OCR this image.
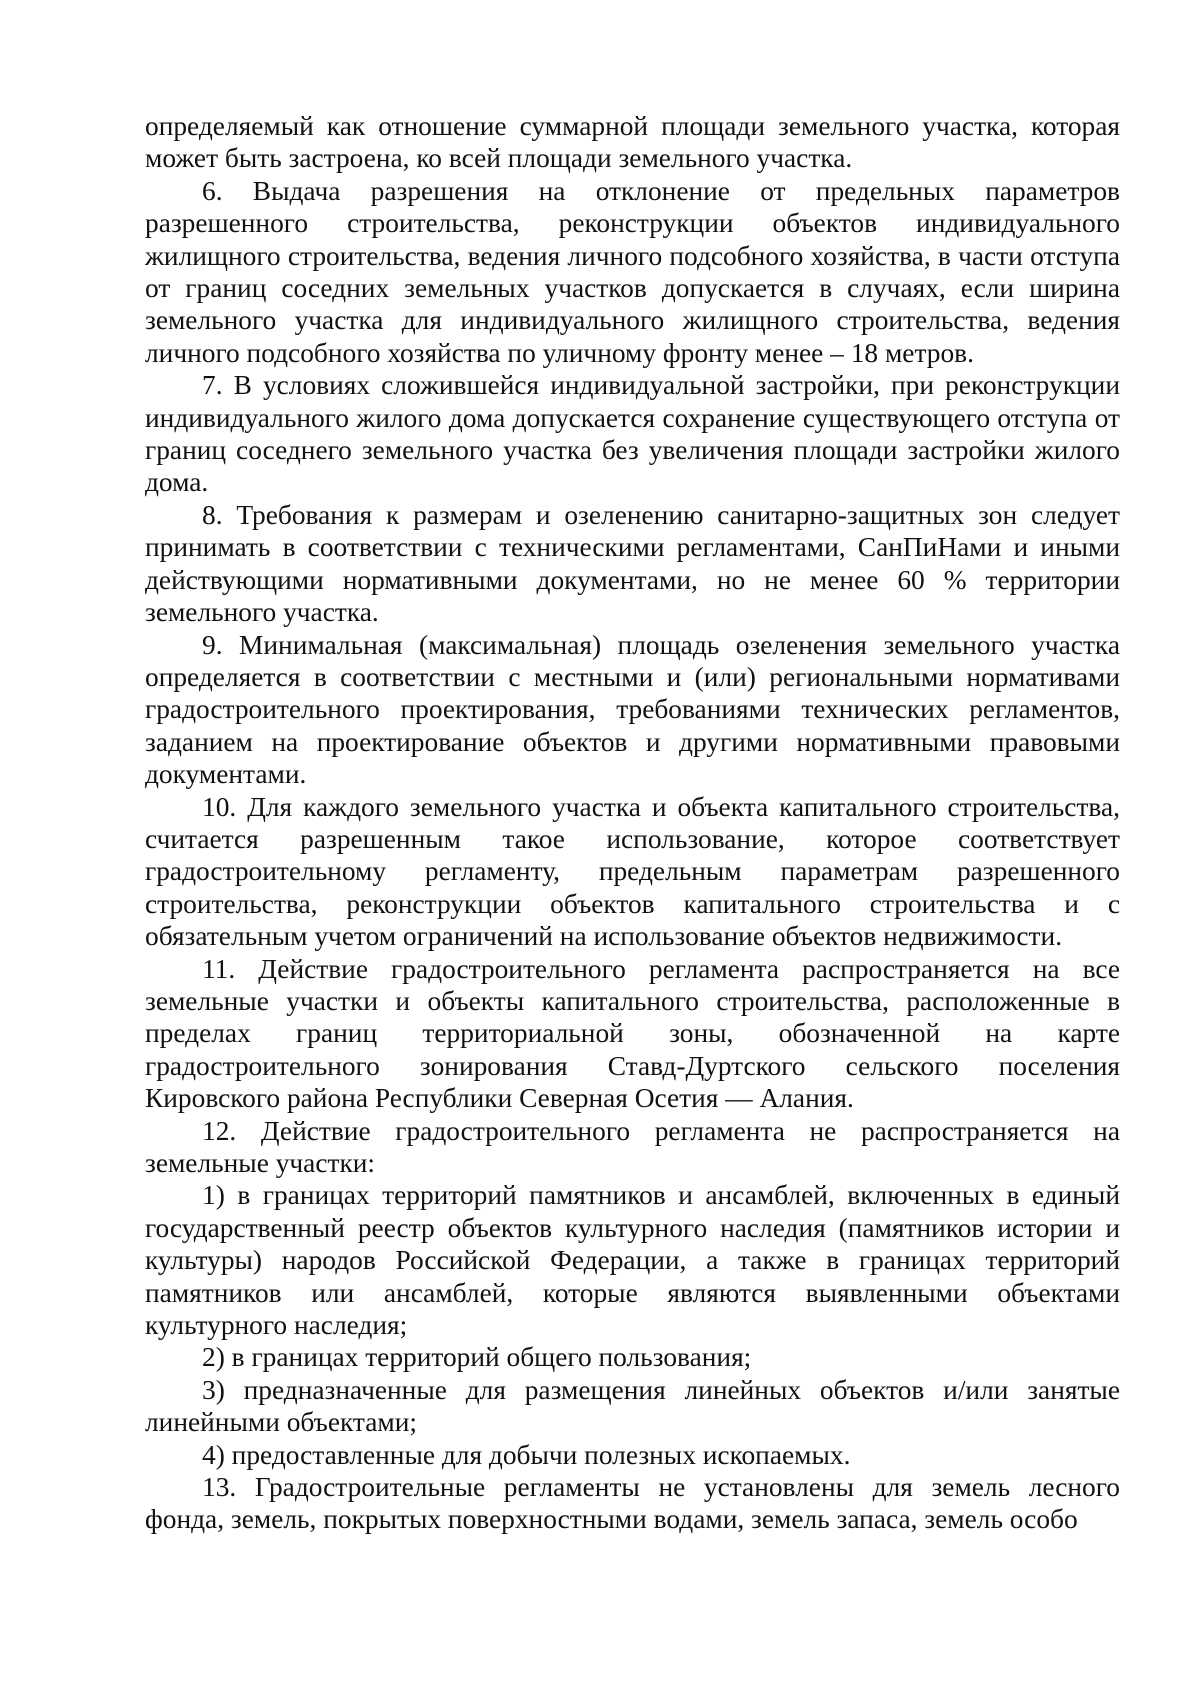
определяемый как отношение суммарной площади земельного участка, которая может быть застроена, ко всей площади земельного участка.

6. Выдача разрешения на отклонение от предельных параметров разрешенного строительства, реконструкции объектов индивидуального жилищного строительства, ведения личного подсобного хозяйства, в части отступа от границ соседних земельных участков допускается в случаях, если ширина земельного участка для индивидуального жилищного строительства, ведения личного подсобного хозяйства по уличному фронту менее – 18 метров.

7. В условиях сложившейся индивидуальной застройки, при реконструкции индивидуального жилого дома допускается сохранение существующего отступа от границ соседнего земельного участка без увеличения площади застройки жилого дома.

8. Требования к размерам и озеленению санитарно-защитных зон следует принимать в соответствии с техническими регламентами, СанПиНами и иными действующими нормативными документами, но не менее 60 % территории земельного участка.

9. Минимальная (максимальная) площадь озеленения земельного участка определяется в соответствии с местными и (или) региональными нормативами градостроительного проектирования, требованиями технических регламентов, заданием на проектирование объектов и другими нормативными правовыми документами.

10. Для каждого земельного участка и объекта капитального строительства, считается разрешенным такое использование, которое соответствует градостроительному регламенту, предельным параметрам разрешенного строительства, реконструкции объектов капитального строительства и с обязательным учетом ограничений на использование объектов недвижимости.

11. Действие градостроительного регламента распространяется на все земельные участки и объекты капитального строительства, расположенные в пределах границ территориальной зоны, обозначенной на карте градостроительного зонирования Ставд-Дуртского сельского поселения Кировского района Республики Северная Осетия — Алания.

12. Действие градостроительного регламента не распространяется на земельные участки:

1) в границах территорий памятников и ансамблей, включенных в единый государственный реестр объектов культурного наследия (памятников истории и культуры) народов Российской Федерации, а также в границах территорий памятников или ансамблей, которые являются выявленными объектами культурного наследия;

2) в границах территорий общего пользования;

3) предназначенные для размещения линейных объектов и/или занятые линейными объектами;

4) предоставленные для добычи полезных ископаемых.

13. Градостроительные регламенты не установлены для земель лесного фонда, земель, покрытых поверхностными водами, земель запаса, земель особо
